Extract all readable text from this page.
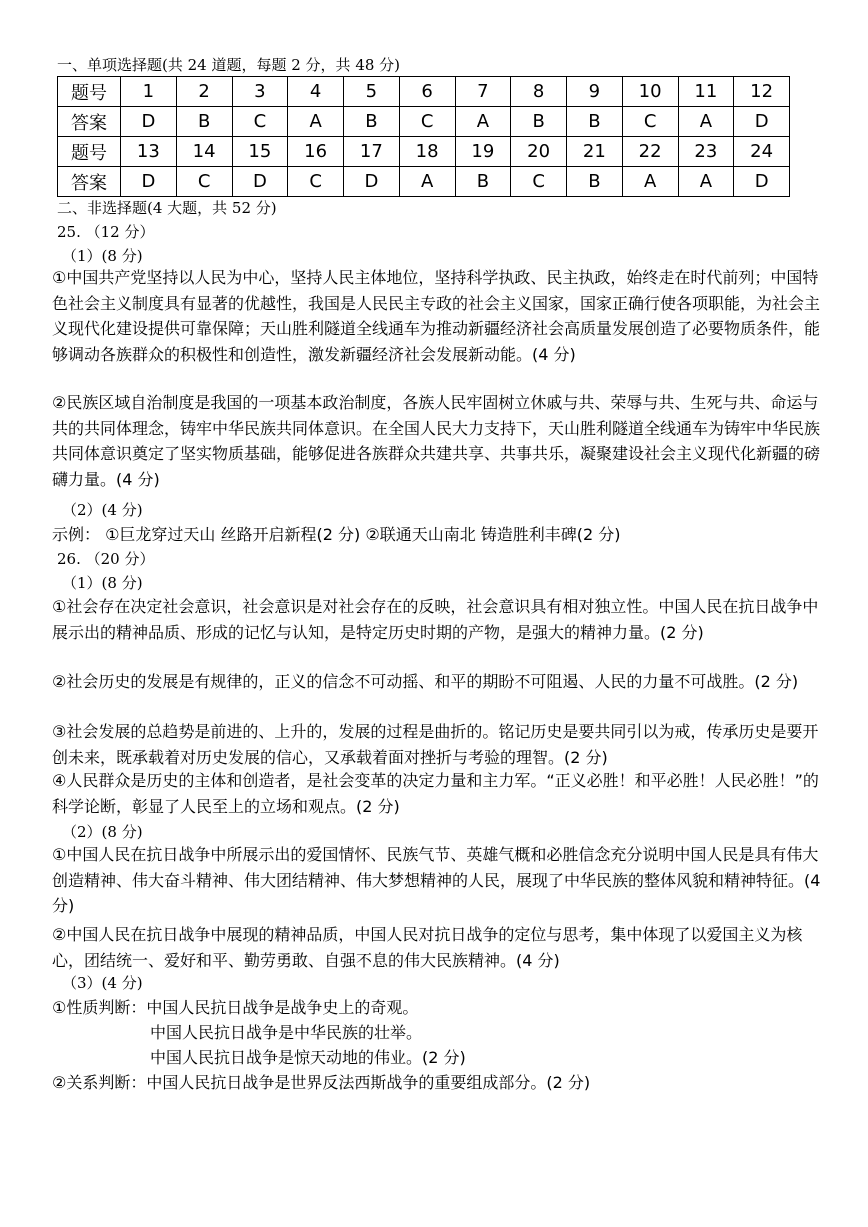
一、单项选择题(共 24 道题，每题 2 分，共 48 分)
题号	1	2	3	4	5	6	7	8	9	10	11	12
答案	D	B	C	A	B	C	A	B	B	C	A	D
题号	13	14	15	16	17	18	19	20	21	22	23	24
答案	D	C	D	C	D	A	B	C	B	A	A	D
二、非选择题(4 大题，共 52 分)
25. （12 分）
（1）(8 分)
①中国共产党坚持以人民为中心，坚持人民主体地位，坚持科学执政、民主执政，始终走在时代前列；中国特色社会主义制度具有显著的优越性，我国是人民民主专政的社会主义国家，国家正确行使各项职能，为社会主义现代化建设提供可靠保障；天山胜利隧道全线通车为推动新疆经济社会高质量发展创造了必要物质条件，能够调动各族群众的积极性和创造性，激发新疆经济社会发展新动能。(4 分)
②民族区域自治制度是我国的一项基本政治制度，各族人民牢固树立休戚与共、荣辱与共、生死与共、命运与共的共同体理念，铸牢中华民族共同体意识。在全国人民大力支持下，天山胜利隧道全线通车为铸牢中华民族共同体意识奠定了坚实物质基础，能够促进各族群众共建共享、共事共乐，凝聚建设社会主义现代化新疆的磅礴力量。(4 分)
（2）(4 分)
示例： ①巨龙穿过天山 丝路开启新程(2 分) ②联通天山南北 铸造胜利丰碑(2 分)
26. （20 分）
（1）(8 分)
①社会存在决定社会意识，社会意识是对社会存在的反映，社会意识具有相对独立性。中国人民在抗日战争中展示出的精神品质、形成的记忆与认知，是特定历史时期的产物，是强大的精神力量。(2 分)
②社会历史的发展是有规律的，正义的信念不可动摇、和平的期盼不可阻遏、人民的力量不可战胜。(2 分)
③社会发展的总趋势是前进的、上升的，发展的过程是曲折的。铭记历史是要共同引以为戒，传承历史是要开创未来，既承载着对历史发展的信心，又承载着面对挫折与考验的理智。(2 分)
④人民群众是历史的主体和创造者，是社会变革的决定力量和主力军。“正义必胜！和平必胜！人民必胜！”的科学论断，彰显了人民至上的立场和观点。(2 分)
（2）(8 分)
①中国人民在抗日战争中所展示出的爱国情怀、民族气节、英雄气概和必胜信念充分说明中国人民是具有伟大创造精神、伟大奋斗精神、伟大团结精神、伟大梦想精神的人民，展现了中华民族的整体风貌和精神特征。(4 分)
②中国人民在抗日战争中展现的精神品质，中国人民对抗日战争的定位与思考，集中体现了以爱国主义为核心，团结统一、爱好和平、勤劳勇敢、自强不息的伟大民族精神。(4 分)
（3）(4 分)
①性质判断：中国人民抗日战争是战争史上的奇观。
中国人民抗日战争是中华民族的壮举。
中国人民抗日战争是惊天动地的伟业。(2 分)
②关系判断：中国人民抗日战争是世界反法西斯战争的重要组成部分。(2 分)
